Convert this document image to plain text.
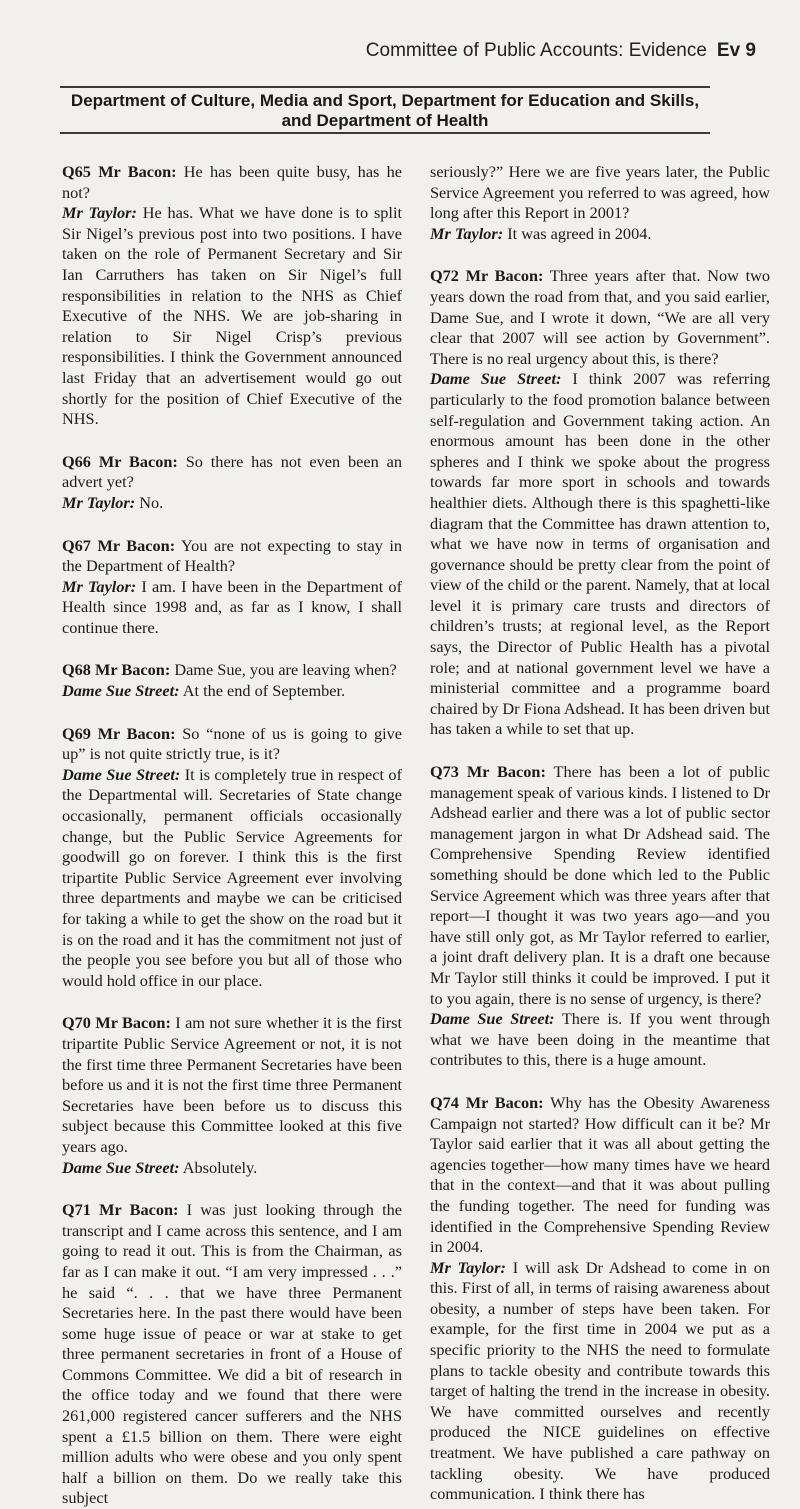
Committee of Public Accounts: Evidence Ev 9
Department of Culture, Media and Sport, Department for Education and Skills,
and Department of Health

Q65 Mr Bacon: He has been quite busy, has he not?

Mr Taylor: He has. What we have done is to split Sir Nigel’s previous post into two positions. I have taken on the role of Permanent Secretary and Sir Ian Carruthers has taken on Sir Nigel’s full responsibilities in relation to the NHS as Chief Executive of the NHS. We are job-sharing in relation to Sir Nigel Crisp’s previous responsibilities. I think the Government announced last Friday that an advertisement would go out shortly for the position of Chief Executive of the NHS.

Q66 Mr Bacon: So there has not even been an advert yet?

Mr Taylor: No.

Q67 Mr Bacon: You are not expecting to stay in the Department of Health?

Mr Taylor: I am. I have been in the Department of Health since 1998 and, as far as I know, I shall continue there.

Q68 Mr Bacon: Dame Sue, you are leaving when?

Dame Sue Street: At the end of September.

Q69 Mr Bacon: So “none of us is going to give up” is not quite strictly true, is it?

Dame Sue Street: It is completely true in respect of the Departmental will. Secretaries of State change occasionally, permanent officials occasionally change, but the Public Service Agreements for goodwill go on forever. I think this is the first tripartite Public Service Agreement ever involving three departments and maybe we can be criticised for taking a while to get the show on the road but it is on the road and it has the commitment not just of the people you see before you but all of those who would hold office in our place.

Q70 Mr Bacon: I am not sure whether it is the first tripartite Public Service Agreement or not, it is not the first time three Permanent Secretaries have been before us and it is not the first time three Permanent Secretaries have been before us to discuss this subject because this Committee looked at this five years ago.

Dame Sue Street: Absolutely.

Q71 Mr Bacon: I was just looking through the transcript and I came across this sentence, and I am going to read it out. This is from the Chairman, as far as I can make it out. “I am very impressed . . .” he said “. . . that we have three Permanent Secretaries here. In the past there would have been some huge issue of peace or war at stake to get three permanent secretaries in front of a House of Commons Committee. We did a bit of research in the office today and we found that there were 261,000 registered cancer sufferers and the NHS spent a £1.5 billion on them. There were eight million adults who were obese and you only spent half a billion on them. Do we really take this subject

seriously?” Here we are five years later, the Public Service Agreement you referred to was agreed, how long after this Report in 2001?

Mr Taylor: It was agreed in 2004.

Q72 Mr Bacon: Three years after that. Now two years down the road from that, and you said earlier, Dame Sue, and I wrote it down, “We are all very clear that 2007 will see action by Government”. There is no real urgency about this, is there?

Dame Sue Street: I think 2007 was referring particularly to the food promotion balance between self-regulation and Government taking action. An enormous amount has been done in the other spheres and I think we spoke about the progress towards far more sport in schools and towards healthier diets. Although there is this spaghetti-like diagram that the Committee has drawn attention to, what we have now in terms of organisation and governance should be pretty clear from the point of view of the child or the parent. Namely, that at local level it is primary care trusts and directors of children’s trusts; at regional level, as the Report says, the Director of Public Health has a pivotal role; and at national government level we have a ministerial committee and a programme board chaired by Dr Fiona Adshead. It has been driven but has taken a while to set that up.

Q73 Mr Bacon: There has been a lot of public management speak of various kinds. I listened to Dr Adshead earlier and there was a lot of public sector management jargon in what Dr Adshead said. The Comprehensive Spending Review identified something should be done which led to the Public Service Agreement which was three years after that report—I thought it was two years ago—and you have still only got, as Mr Taylor referred to earlier, a joint draft delivery plan. It is a draft one because Mr Taylor still thinks it could be improved. I put it to you again, there is no sense of urgency, is there?

Dame Sue Street: There is. If you went through what we have been doing in the meantime that contributes to this, there is a huge amount.

Q74 Mr Bacon: Why has the Obesity Awareness Campaign not started? How difficult can it be? Mr Taylor said earlier that it was all about getting the agencies together—how many times have we heard that in the context—and that it was about pulling the funding together. The need for funding was identified in the Comprehensive Spending Review in 2004.

Mr Taylor: I will ask Dr Adshead to come in on this. First of all, in terms of raising awareness about obesity, a number of steps have been taken. For example, for the first time in 2004 we put as a specific priority to the NHS the need to formulate plans to tackle obesity and contribute towards this target of halting the trend in the increase in obesity. We have committed ourselves and recently produced the NICE guidelines on effective treatment. We have published a care pathway on tackling obesity. We have produced communication. I think there has
